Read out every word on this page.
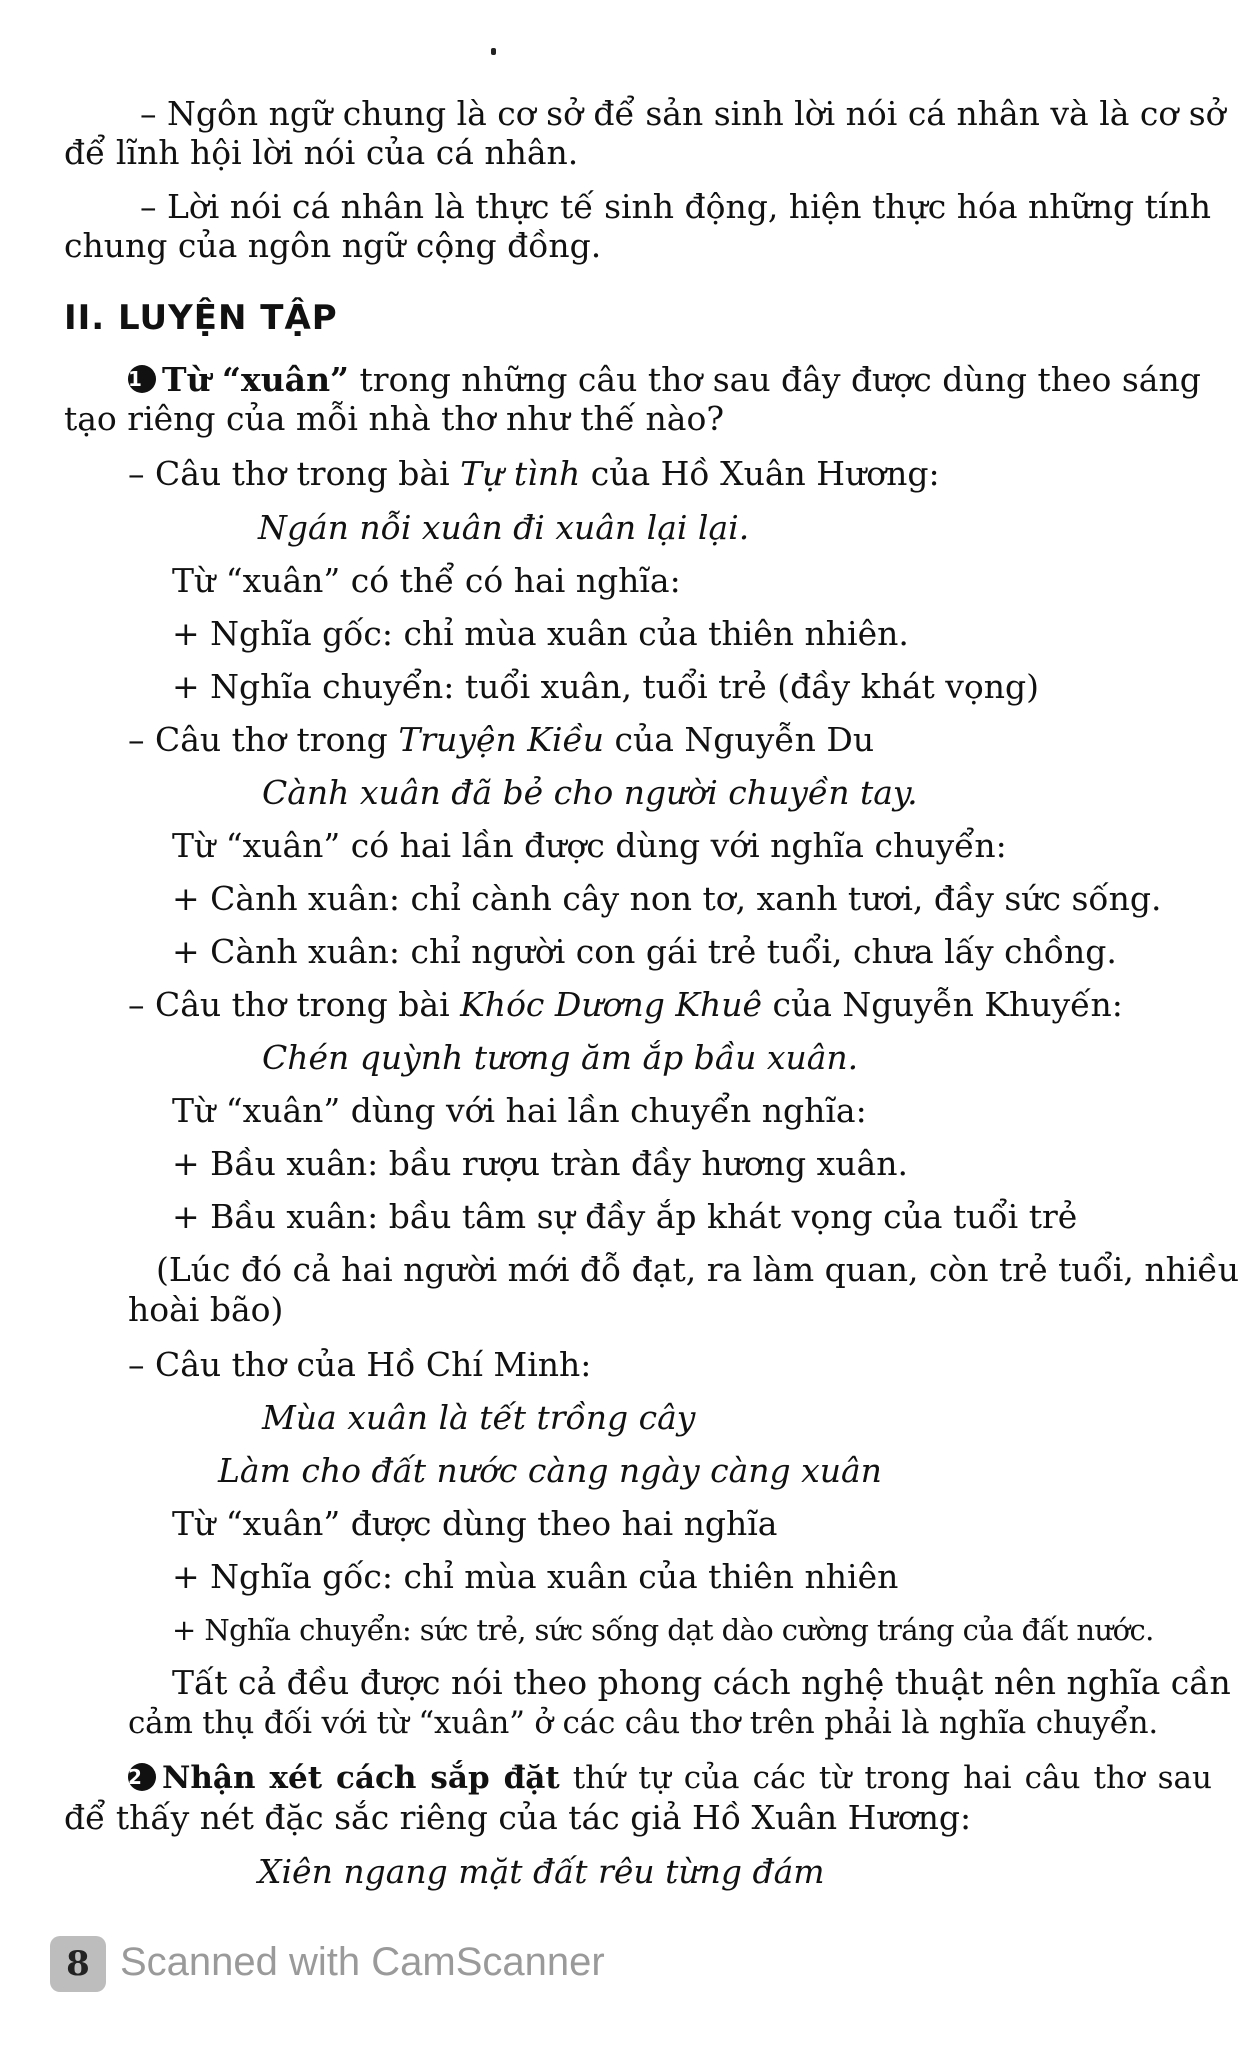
– Ngôn ngữ chung là cơ sở để sản sinh lời nói cá nhân và là cơ sở

để lĩnh hội lời nói của cá nhân.

– Lời nói cá nhân là thực tế sinh động, hiện thực hóa những tính

chung của ngôn ngữ cộng đồng.

II. LUYỆN TẬP

1 Từ “xuân” trong những câu thơ sau đây được dùng theo sáng

tạo riêng của mỗi nhà thơ như thế nào?

– Câu thơ trong bài Tự tình của Hồ Xuân Hương:

Ngán nỗi xuân đi xuân lại lại.

Từ “xuân” có thể có hai nghĩa:

+ Nghĩa gốc: chỉ mùa xuân của thiên nhiên.

+ Nghĩa chuyển: tuổi xuân, tuổi trẻ (đầy khát vọng)

– Câu thơ trong Truyện Kiều của Nguyễn Du

Cành xuân đã bẻ cho người chuyền tay.

Từ “xuân” có hai lần được dùng với nghĩa chuyển:

+ Cành xuân: chỉ cành cây non tơ, xanh tươi, đầy sức sống.

+ Cành xuân: chỉ người con gái trẻ tuổi, chưa lấy chồng.

– Câu thơ trong bài Khóc Dương Khuê của Nguyễn Khuyến:

Chén quỳnh tương ăm ắp bầu xuân.

Từ “xuân” dùng với hai lần chuyển nghĩa:

+ Bầu xuân: bầu rượu tràn đầy hương xuân.

+ Bầu xuân: bầu tâm sự đầy ắp khát vọng của tuổi trẻ

(Lúc đó cả hai người mới đỗ đạt, ra làm quan, còn trẻ tuổi, nhiều

hoài bão)

– Câu thơ của Hồ Chí Minh:

Mùa xuân là tết trồng cây

Làm cho đất nước càng ngày càng xuân

Từ “xuân” được dùng theo hai nghĩa

+ Nghĩa gốc: chỉ mùa xuân của thiên nhiên

+ Nghĩa chuyển: sức trẻ, sức sống dạt dào cường tráng của đất nước.

Tất cả đều được nói theo phong cách nghệ thuật nên nghĩa cần

cảm thụ đối với từ “xuân” ở các câu thơ trên phải là nghĩa chuyển.

2 Nhận xét cách sắp đặt thứ tự của các từ trong hai câu thơ sau

để thấy nét đặc sắc riêng của tác giả Hồ Xuân Hương:

Xiên ngang mặt đất rêu từng đám

8 Scanned with CamScanner
